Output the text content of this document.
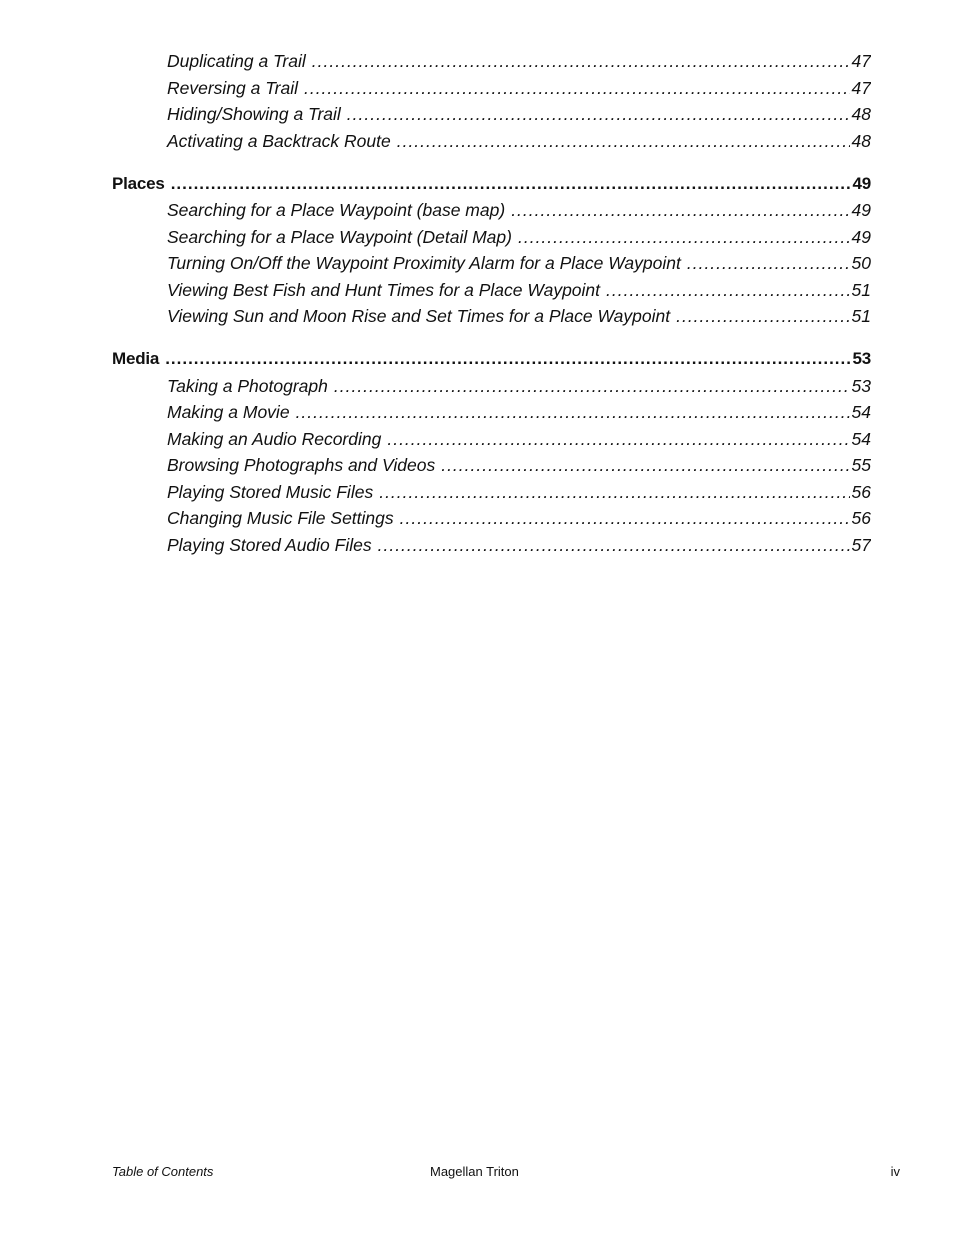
Duplicating a Trail .....	47
Reversing a Trail .....	47
Hiding/Showing a Trail .....	48
Activating a Backtrack Route .....	48
Places .....	49
Searching for a Place Waypoint (base map) .....	49
Searching for a Place Waypoint (Detail Map) .....	49
Turning On/Off the Waypoint Proximity Alarm for a Place Waypoint .....	50
Viewing Best Fish and Hunt Times for a Place Waypoint .....	51
Viewing Sun and Moon Rise and Set Times for a Place Waypoint .....	51
Media .....	53
Taking a Photograph .....	53
Making a Movie .....	54
Making an Audio Recording .....	54
Browsing Photographs and Videos .....	55
Playing Stored Music Files .....	56
Changing Music File Settings .....	56
Playing Stored Audio Files .....	57
Table of Contents	Magellan Triton	iv
